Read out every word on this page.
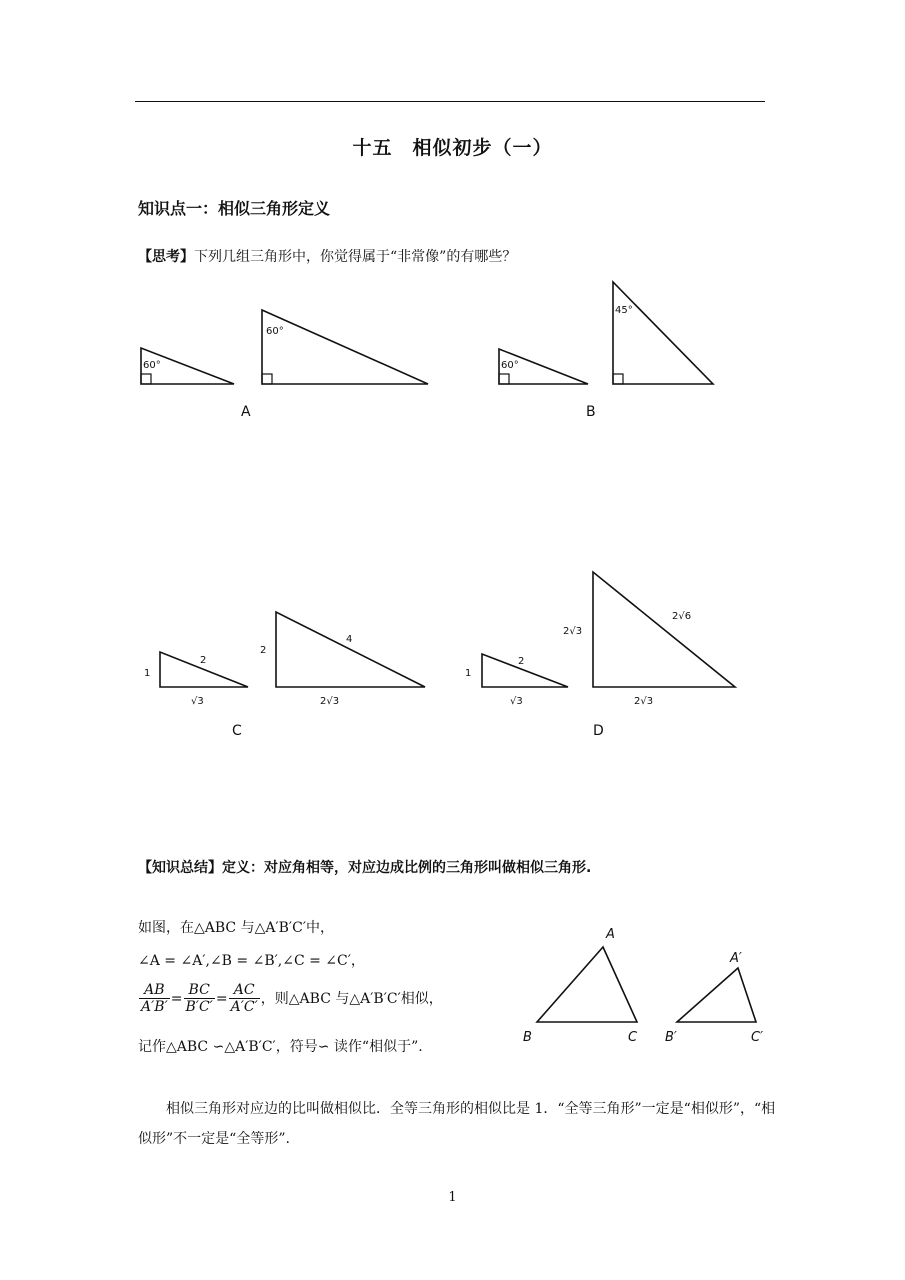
十五　相似初步（一）
知识点一：相似三角形定义
【思考】下列几组三角形中，你觉得属于“非常像”的有哪些？
60°
60°
60°
45°
1
2
√3
2
4
2√3
1
2
√3
2√3
2√6
2√3
A	B
C	D
A
B	C
A′
B′	C′
【知识总结】定义：对应角相等，对应边成比例的三角形叫做相似三角形.
如图，在△ABC 与△A′B′C′中，
∠A = ∠A′,∠B = ∠B′,∠C = ∠C′，
$\frac{AB}{A'B'} = \frac{BC}{B'C'} = \frac{AC}{A'C'}$ ，则△ABC 与△A′B′C′相似，
记作△ABC ∽△A′B′C′，符号∽ 读作“相似于”.
相似三角形对应边的比叫做相似比．全等三角形的相似比是 1．“全等三角形”一定是“相似形”，“相似形”不一定是“全等形”.
1
